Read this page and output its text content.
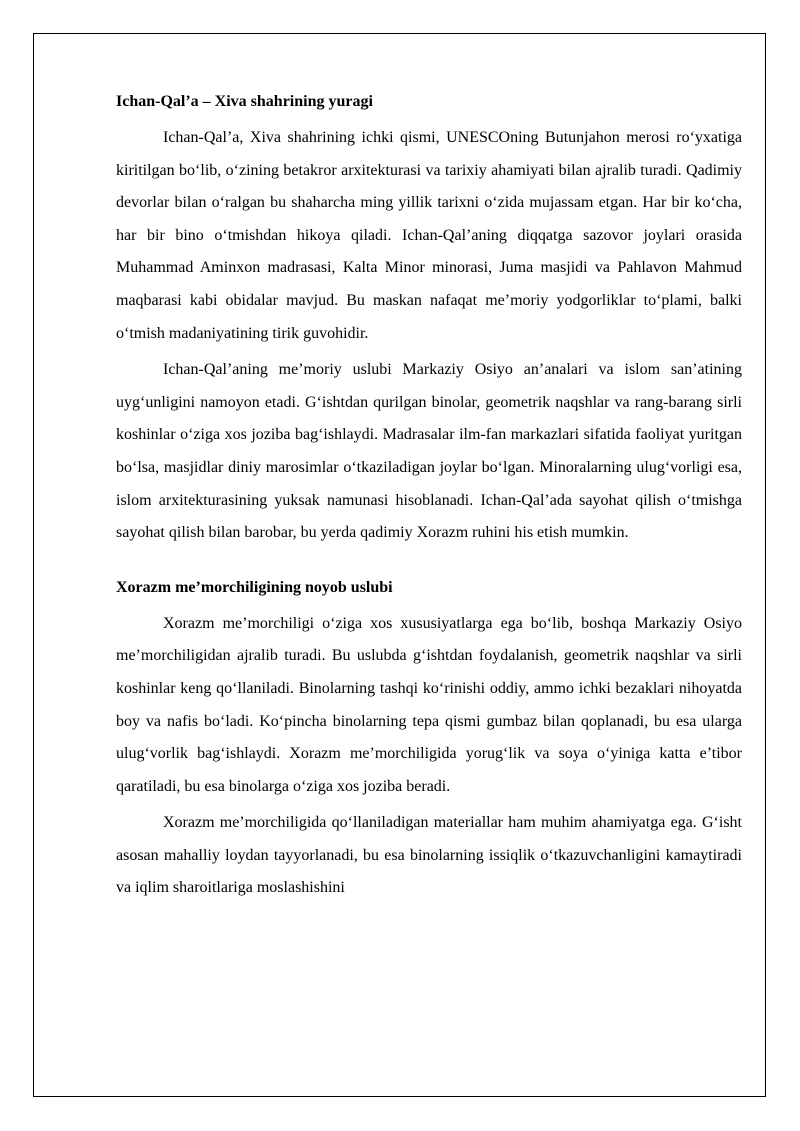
Ichan-Qal’a – Xiva shahrining yuragi

Ichan-Qal’a, Xiva shahrining ichki qismi, UNESCOning Butunjahon merosi ro‘yxatiga kiritilgan bo‘lib, o‘zining betakror arxitekturasi va tarixiy ahamiyati bilan ajralib turadi. Qadimiy devorlar bilan o‘ralgan bu shaharcha ming yillik tarixni o‘zida mujassam etgan. Har bir ko‘cha, har bir bino o‘tmishdan hikoya qiladi. Ichan-Qal’aning diqqatga sazovor joylari orasida Muhammad Aminxon madrasasi, Kalta Minor minorasi, Juma masjidi va Pahlavon Mahmud maqbarasi kabi obidalar mavjud. Bu maskan nafaqat me’moriy yodgorliklar to‘plami, balki o‘tmish madaniyatining tirik guvohidir.

Ichan-Qal’aning me’moriy uslubi Markaziy Osiyo an’analari va islom san’atining uyg‘unligini namoyon etadi. G‘ishtdan qurilgan binolar, geometrik naqshlar va rang-barang sirli koshinlar o‘ziga xos joziba bag‘ishlaydi. Madrasalar ilm-fan markazlari sifatida faoliyat yuritgan bo‘lsa, masjidlar diniy marosimlar o‘tkaziladigan joylar bo‘lgan. Minoralarning ulug‘vorligi esa, islom arxitekturasining yuksak namunasi hisoblanadi. Ichan-Qal’ada sayohat qilish o‘tmishga sayohat qilish bilan barobar, bu yerda qadimiy Xorazm ruhini his etish mumkin.

Xorazm me’morchiligining noyob uslubi

Xorazm me’morchiligi o‘ziga xos xususiyatlarga ega bo‘lib, boshqa Markaziy Osiyo me’morchiligidan ajralib turadi. Bu uslubda g‘ishtdan foydalanish, geometrik naqshlar va sirli koshinlar keng qo‘llaniladi. Binolarning tashqi ko‘rinishi oddiy, ammo ichki bezaklari nihoyatda boy va nafis bo‘ladi. Ko‘pincha binolarning tepa qismi gumbaz bilan qoplanadi, bu esa ularga ulug‘vorlik bag‘ishlaydi. Xorazm me’morchiligida yorug‘lik va soya o‘yiniga katta e’tibor qaratiladi, bu esa binolarga o‘ziga xos joziba beradi.

Xorazm me’morchiligida qo‘llaniladigan materiallar ham muhim ahamiyatga ega. G‘isht asosan mahalliy loydan tayyorlanadi, bu esa binolarning issiqlik o‘tkazuvchanligini kamaytiradi va iqlim sharoitlariga moslashishini
